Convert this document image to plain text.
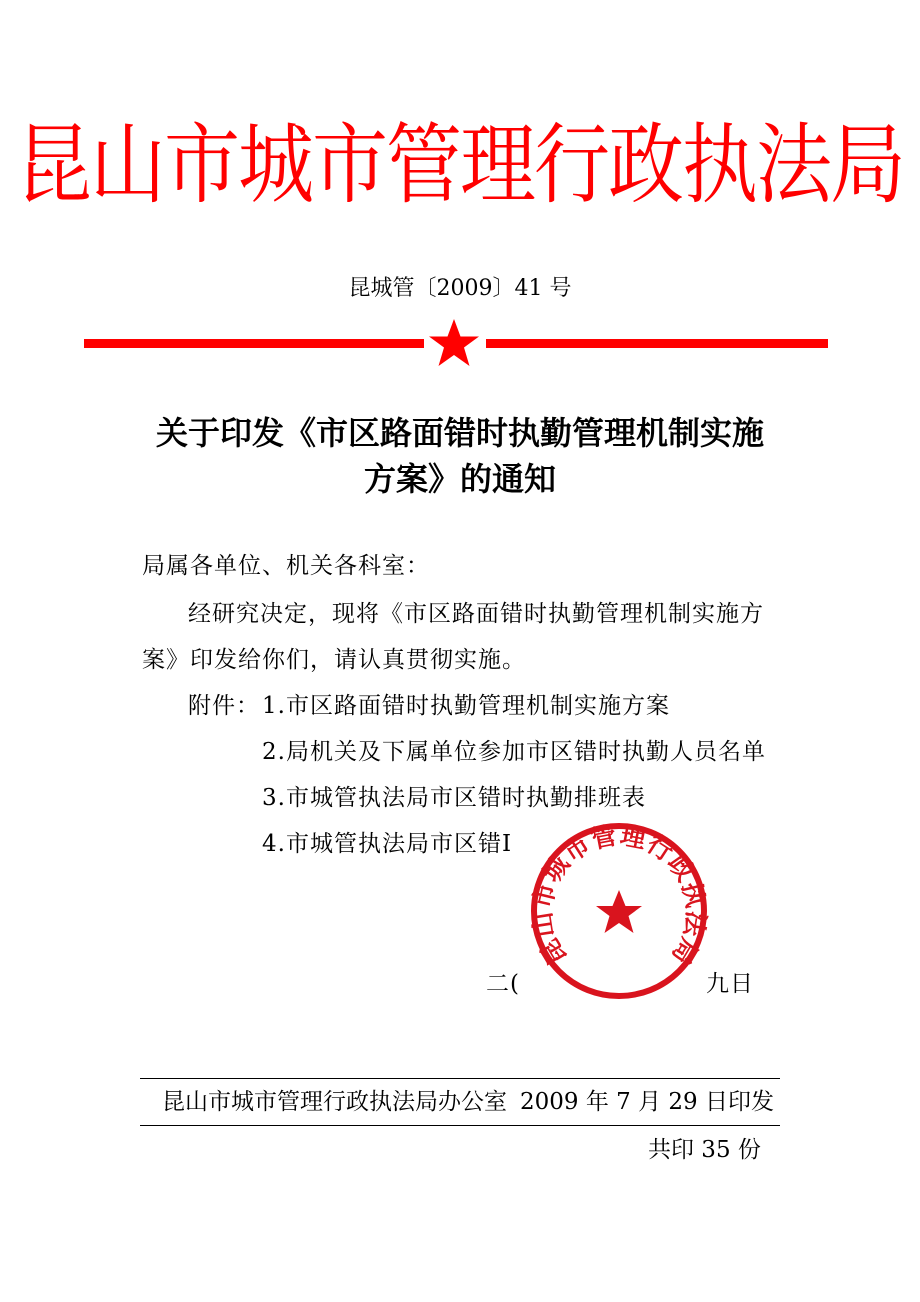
昆山市城市管理行政执法局
昆城管〔2009〕41 号
关于印发《市区路面错时执勤管理机制实施
方案》的通知
局属各单位、机关各科室：
经研究决定，现将《市区路面错时执勤管理机制实施方
案》印发给你们，请认真贯彻实施。
附件： 1.市区路面错时执勤管理机制实施方案
2.局机关及下属单位参加市区错时执勤人员名单
3.市城管执法局市区错时执勤排班表
4.市城管执法局市区错I
二(	九日
昆山市城市管理行政执法局
昆山市城市管理行政执法局办公室 2009 年 7 月 29 日印发
共印 35 份
